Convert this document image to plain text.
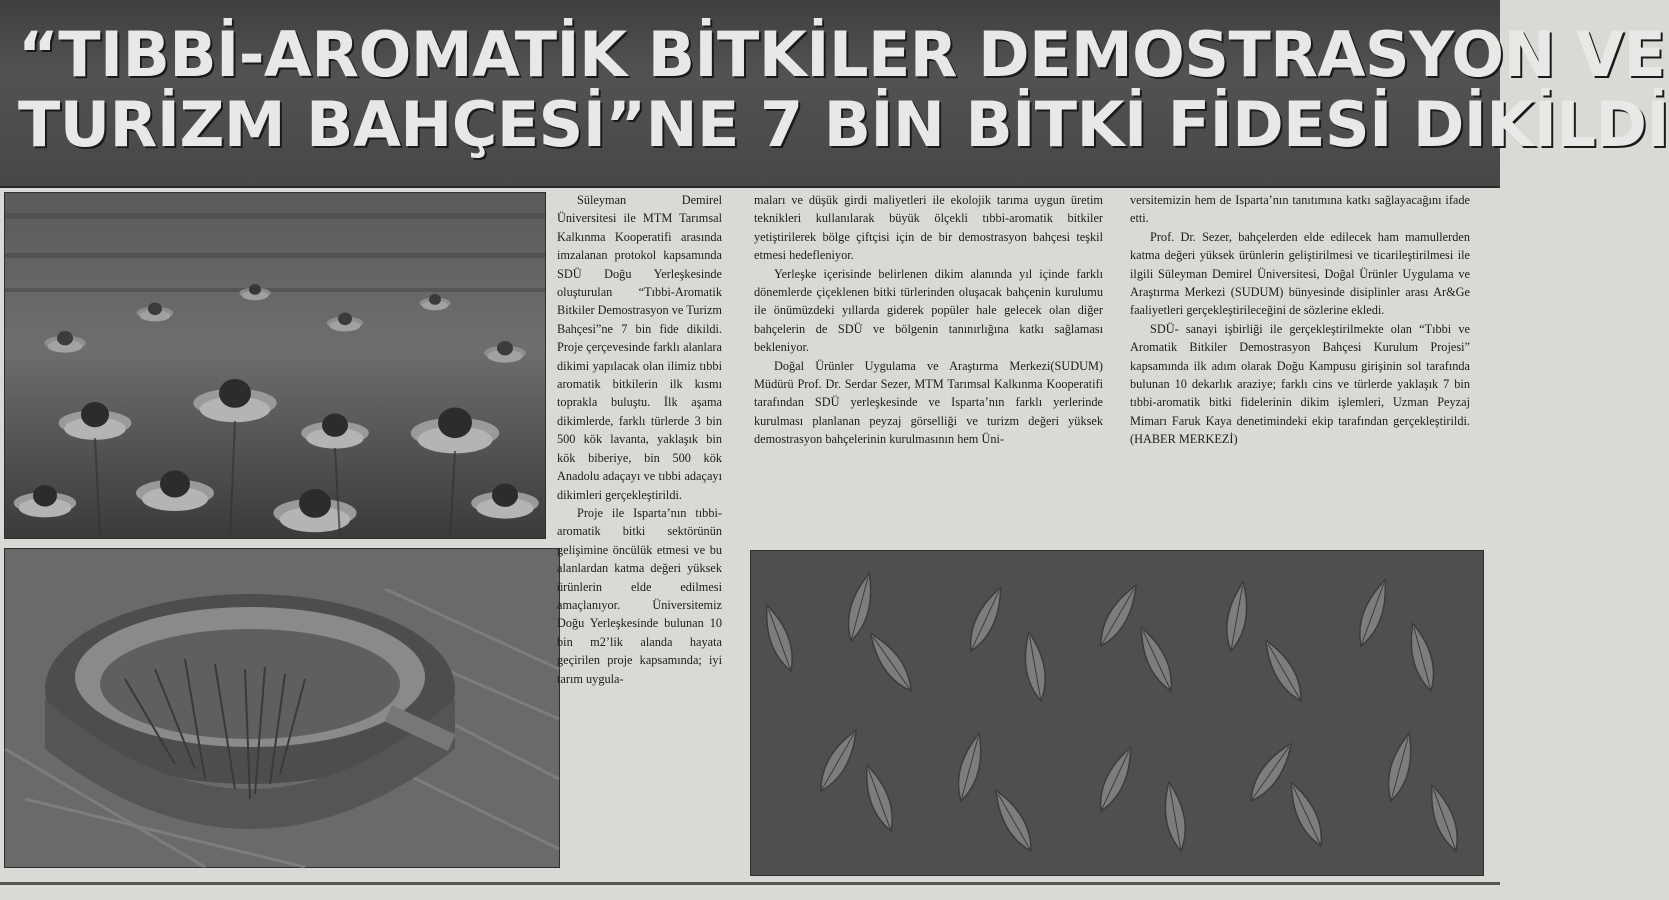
“TIBBİ-AROMATİK BİTKİLER DEMOSTRASYON VE
TURİZM BAHÇESİ”NE 7 BİN BİTKİ FİDESİ DİKİLDİ

Süleyman Demirel Üniversitesi ile MTM Tarımsal Kalkınma Kooperatifi arasında imzalanan protokol kapsamında SDÜ Doğu Yerleşkesinde oluşturulan “Tıbbi-Aromatik Bitkiler Demostrasyon ve Turizm Bahçesi”ne 7 bin fide dikildi. Proje çerçevesinde farklı alanlara dikimi yapılacak olan ilimiz tıbbi aromatik bitkilerin ilk kısmı toprakla buluştu. İlk aşama dikimlerde, farklı türlerde 3 bin 500 kök lavanta, yaklaşık bin kök biberiye, bin 500 kök Anadolu adaçayı ve tıbbi adaçayı dikimleri gerçekleştirildi.

Proje ile Isparta’nın tıbbi-aromatik bitki sektörünün gelişimine öncülük etmesi ve bu alanlardan katma değeri yüksek ürünlerin elde edilmesi amaçlanıyor. Üniversitemiz Doğu Yerleşkesinde bulunan 10 bin m2’lik alanda hayata geçirilen proje kapsamında; iyi tarım uygula-

maları ve düşük girdi maliyetleri ile ekolojik tarıma uygun üretim teknikleri kullanılarak büyük ölçekli tıbbi-aromatik bitkiler yetiştirilerek bölge çiftçisi için de bir demostrasyon bahçesi teşkil etmesi hedefleniyor.

Yerleşke içerisinde belirlenen dikim alanında yıl içinde farklı dönemlerde çiçeklenen bitki türlerinden oluşacak bahçenin kurulumu ile önümüzdeki yıllarda giderek popüler hale gelecek olan diğer bahçelerin de SDÜ ve bölgenin tanınırlığına katkı sağlaması bekleniyor.

Doğal Ürünler Uygulama ve Araştırma Merkezi(SUDUM) Müdürü Prof. Dr. Serdar Sezer, MTM Tarımsal Kalkınma Kooperatifi tarafından SDÜ yerleşkesinde ve Isparta’nın farklı yerlerinde kurulması planlanan peyzaj görselliği ve turizm değeri yüksek demostrasyon bahçelerinin kurulmasının hem Üni-

versitemizin hem de Isparta’nın tanıtımına katkı sağlayacağını ifade etti.

Prof. Dr. Sezer, bahçelerden elde edilecek ham mamullerden katma değeri yüksek ürünlerin geliştirilmesi ve ticarileştirilmesi ile ilgili Süleyman Demirel Üniversitesi, Doğal Ürünler Uygulama ve Araştırma Merkezi (SUDUM) bünyesinde disiplinler arası Ar&Ge faaliyetleri gerçekleştirileceğini de sözlerine ekledi.

SDÜ- sanayi işbirliği ile gerçekleştirilmekte olan “Tıbbi ve Aromatik Bitkiler Demostrasyon Bahçesi Kurulum Projesi” kapsamında ilk adım olarak Doğu Kampusu girişinin sol tarafında bulunan 10 dekarlık araziye; farklı cins ve türlerde yaklaşık 7 bin tıbbi-aromatik bitki fidelerinin dikim işlemleri, Uzman Peyzaj Mimarı Faruk Kaya denetimindeki ekip tarafından gerçekleştirildi.(HABER MERKEZİ)
